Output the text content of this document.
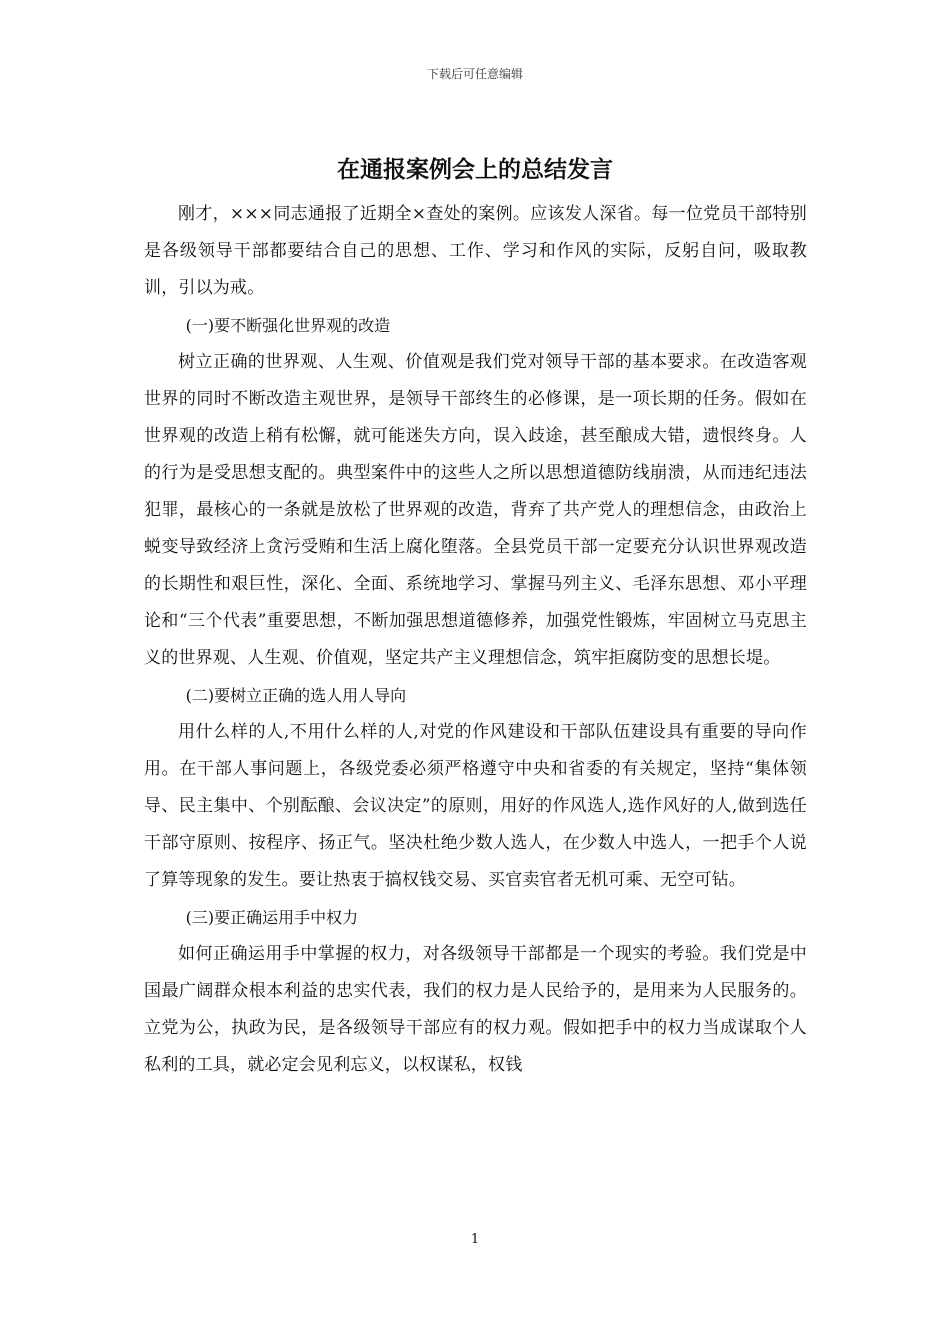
下载后可任意编辑
在通报案例会上的总结发言

刚才，×××同志通报了近期全×查处的案例。应该发人深省。每一位党员干部特别是各级领导干部都要结合自己的思想、工作、学习和作风的实际，反躬自问，吸取教训，引以为戒。

(一)要不断强化世界观的改造

树立正确的世界观、人生观、价值观是我们党对领导干部的基本要求。在改造客观世界的同时不断改造主观世界，是领导干部终生的必修课，是一项长期的任务。假如在世界观的改造上稍有松懈，就可能迷失方向，误入歧途，甚至酿成大错，遗恨终身。人的行为是受思想支配的。典型案件中的这些人之所以思想道德防线崩溃，从而违纪违法犯罪，最核心的一条就是放松了世界观的改造，背弃了共产党人的理想信念，由政治上蜕变导致经济上贪污受贿和生活上腐化堕落。全县党员干部一定要充分认识世界观改造的长期性和艰巨性，深化、全面、系统地学习、掌握马列主义、毛泽东思想、邓小平理论和“三个代表”重要思想，不断加强思想道德修养，加强党性锻炼，牢固树立马克思主义的世界观、人生观、价值观，坚定共产主义理想信念，筑牢拒腐防变的思想长堤。

(二)要树立正确的选人用人导向

用什么样的人,不用什么样的人,对党的作风建设和干部队伍建设具有重要的导向作用。在干部人事问题上，各级党委必须严格遵守中央和省委的有关规定，坚持“集体领导、民主集中、个别酝酿、会议决定”的原则，用好的作风选人,选作风好的人,做到选任干部守原则、按程序、扬正气。坚决杜绝少数人选人，在少数人中选人，一把手个人说了算等现象的发生。要让热衷于搞权钱交易、买官卖官者无机可乘、无空可钻。

(三)要正确运用手中权力

如何正确运用手中掌握的权力，对各级领导干部都是一个现实的考验。我们党是中国最广阔群众根本利益的忠实代表，我们的权力是人民给予的，是用来为人民服务的。立党为公，执政为民，是各级领导干部应有的权力观。假如把手中的权力当成谋取个人私利的工具，就必定会见利忘义，以权谋私，权钱

1
